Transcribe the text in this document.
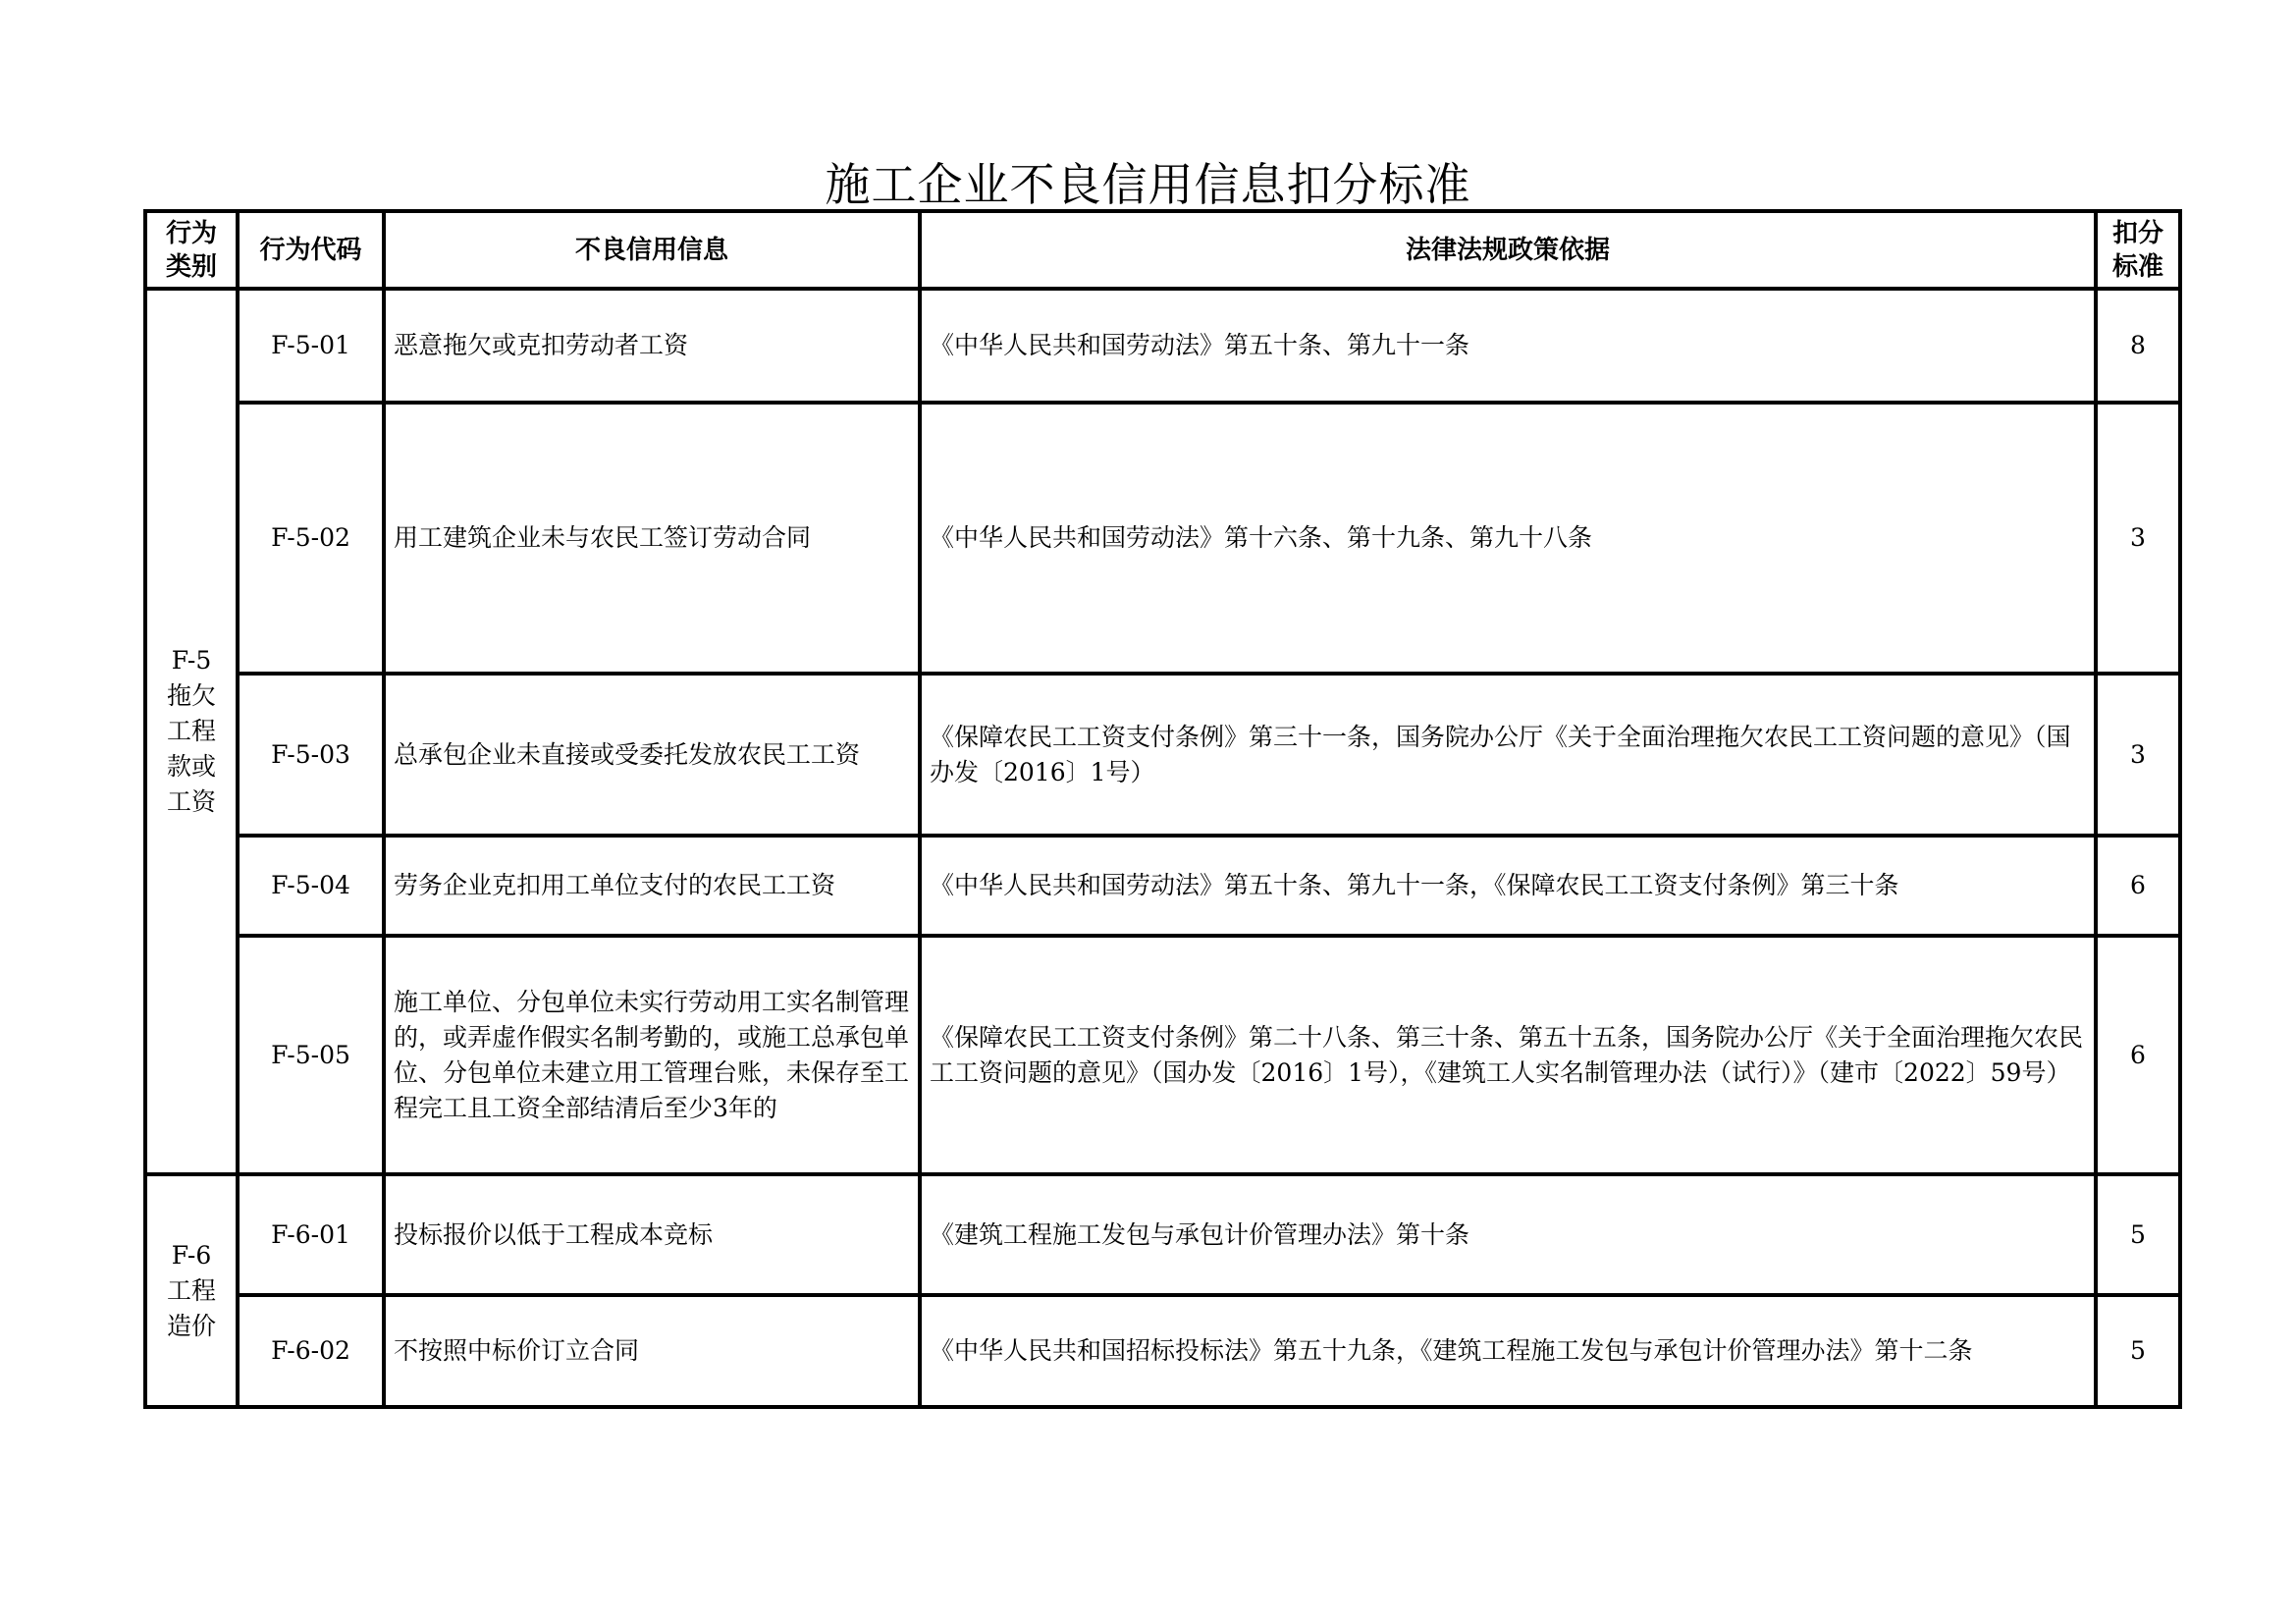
施工企业不良信用信息扣分标准
行为
类别	行为代码	不良信用信息	法律法规政策依据	扣分
标准

F-5
拖欠
工程
款或
工资	F-5-01	恶意拖欠或克扣劳动者工资	《中华人民共和国劳动法》第五十条、第九十一条	8
	F-5-02	用工建筑企业未与农民工签订劳动合同	《中华人民共和国劳动法》第十六条、第十九条、第九十八条	3
	F-5-03	总承包企业未直接或受委托发放农民工工资	《保障农民工工资支付条例》第三十一条，国务院办公厅《关于全面治理拖欠农民工工资问题的意见》（国办发〔2016〕1号）	3
	F-5-04	劳务企业克扣用工单位支付的农民工工资	《中华人民共和国劳动法》第五十条、第九十一条，《保障农民工工资支付条例》第三十条	6
	F-5-05	施工单位、分包单位未实行劳动用工实名制管理的，或弄虚作假实名制考勤的，或施工总承包单位、分包单位未建立用工管理台账，未保存至工程完工且工资全部结清后至少3年的	《保障农民工工资支付条例》第二十八条、第三十条、第五十五条，国务院办公厅《关于全面治理拖欠农民工工资问题的意见》（国办发〔2016〕1号），《建筑工人实名制管理办法（试行）》（建市〔2022〕59号）	6

F-6
工程
造价	F-6-01	投标报价以低于工程成本竞标	《建筑工程施工发包与承包计价管理办法》第十条	5
	F-6-02	不按照中标价订立合同	《中华人民共和国招标投标法》第五十九条，《建筑工程施工发包与承包计价管理办法》第十二条	5
